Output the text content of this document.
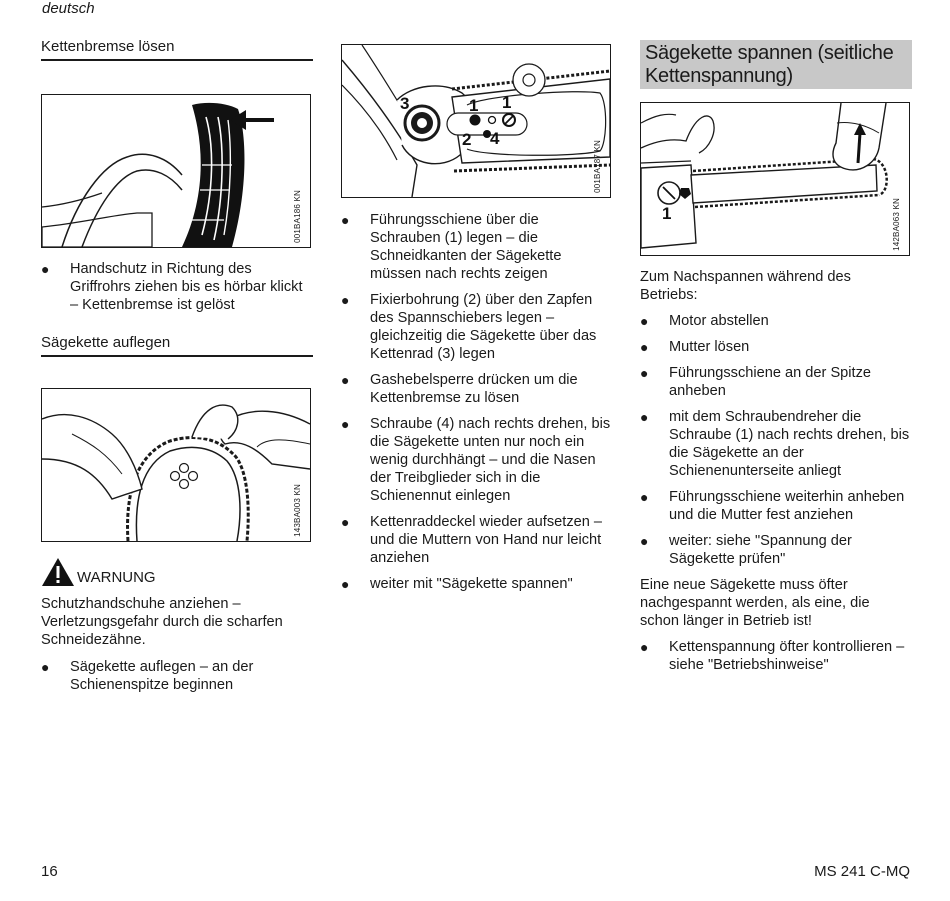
deutsch
Kettenbremse lösen
001BA186 KN
● Handschutz in Richtung des Griffrohrs ziehen bis es hörbar klickt – Kettenbremse ist gelöst
Sägekette auflegen
143BA003 KN
WARNUNG

Schutzhandschuhe anziehen – Verletzungsgefahr durch die scharfen Schneidezähne.

● Sägekette auflegen – an der Schienenspitze beginnen
3	1 1
2 4
001BA187 KN
● Führungsschiene über die Schrauben (1) legen – die Schneidkanten der Sägekette müssen nach rechts zeigen
● Fixierbohrung (2) über den Zapfen des Spannschiebers legen – gleichzeitig die Sägekette über das Kettenrad (3) legen
● Gashebelsperre drücken um die Kettenbremse zu lösen
● Schraube (4) nach rechts drehen, bis die Sägekette unten nur noch ein wenig durchhängt – und die Nasen der Treibglieder sich in die Schienennut einlegen
● Kettenraddeckel wieder aufsetzen – und die Muttern von Hand nur leicht anziehen
● weiter mit "Sägekette spannen"
Sägekette spannen (seitliche Kettenspannung)
1	142BA063 KN

Zum Nachspannen während des Betriebs:

● Motor abstellen
● Mutter lösen
● Führungsschiene an der Spitze anheben
● mit dem Schraubendreher die Schraube (1) nach rechts drehen, bis die Sägekette an der Schienenunterseite anliegt
● Führungsschiene weiterhin anheben und die Mutter fest anziehen
● weiter: siehe "Spannung der Sägekette prüfen"

Eine neue Sägekette muss öfter nachgespannt werden, als eine, die schon länger in Betrieb ist!

● Kettenspannung öfter kontrollieren – siehe "Betriebshinweise"
16	MS 241 C-MQ
